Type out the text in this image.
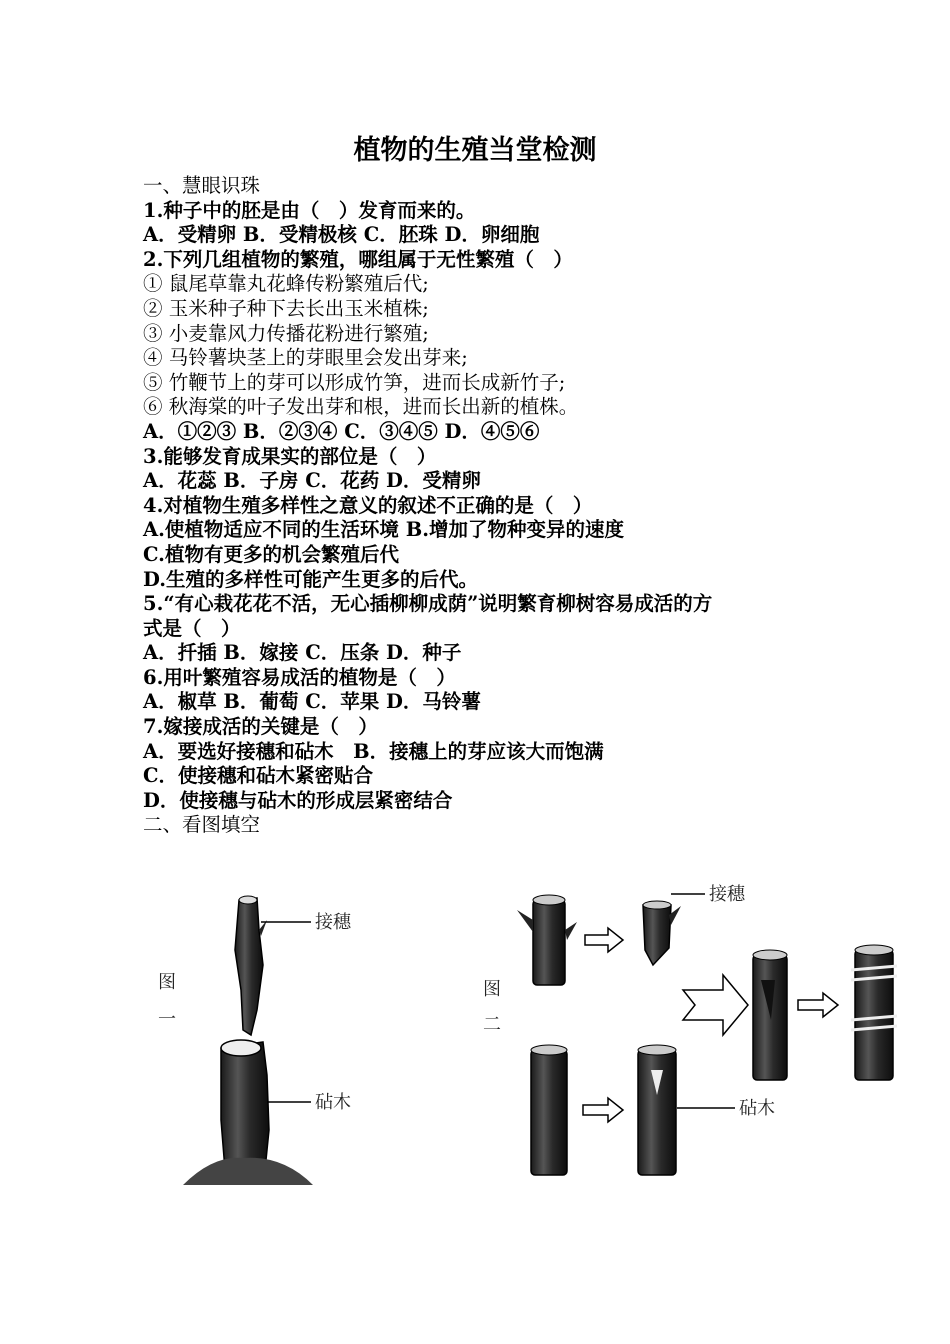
植物的生殖当堂检测
一、慧眼识珠
1.种子中的胚是由（　）发育而来的。
A．受精卵 B．受精极核 C．胚珠 D．卵细胞
2.下列几组植物的繁殖，哪组属于无性繁殖（　）
① 鼠尾草靠丸花蜂传粉繁殖后代;
② 玉米种子种下去长出玉米植株;
③ 小麦靠风力传播花粉进行繁殖;
④ 马铃薯块茎上的芽眼里会发出芽来;
⑤ 竹鞭节上的芽可以形成竹笋，进而长成新竹子;
⑥ 秋海棠的叶子发出芽和根，进而长出新的植株。
A．①②③ B．②③④ C．③④⑤ D．④⑤⑥
3.能够发育成果实的部位是（　）
A．花蕊 B．子房 C．花药 D．受精卵
4.对植物生殖多样性之意义的叙述不正确的是（　）
A.使植物适应不同的生活环境 B.增加了物种变异的速度
C.植物有更多的机会繁殖后代
D.生殖的多样性可能产生更多的后代。
5.“有心栽花花不活，无心插柳柳成荫”说明繁育柳树容易成活的方
式是（　）
A．扦插 B．嫁接 C．压条 D．种子
6.用叶繁殖容易成活的植物是（　）
A．椒草 B．葡萄 C．苹果 D．马铃薯
7.嫁接成活的关键是（　）
A．要选好接穗和砧木　B．接穗上的芽应该大而饱满
C．使接穗和砧木紧密贴合
D．使接穗与砧木的形成层紧密结合
二、看图填空
图
一
接穗
砧木
图
二
接穗
砧木
